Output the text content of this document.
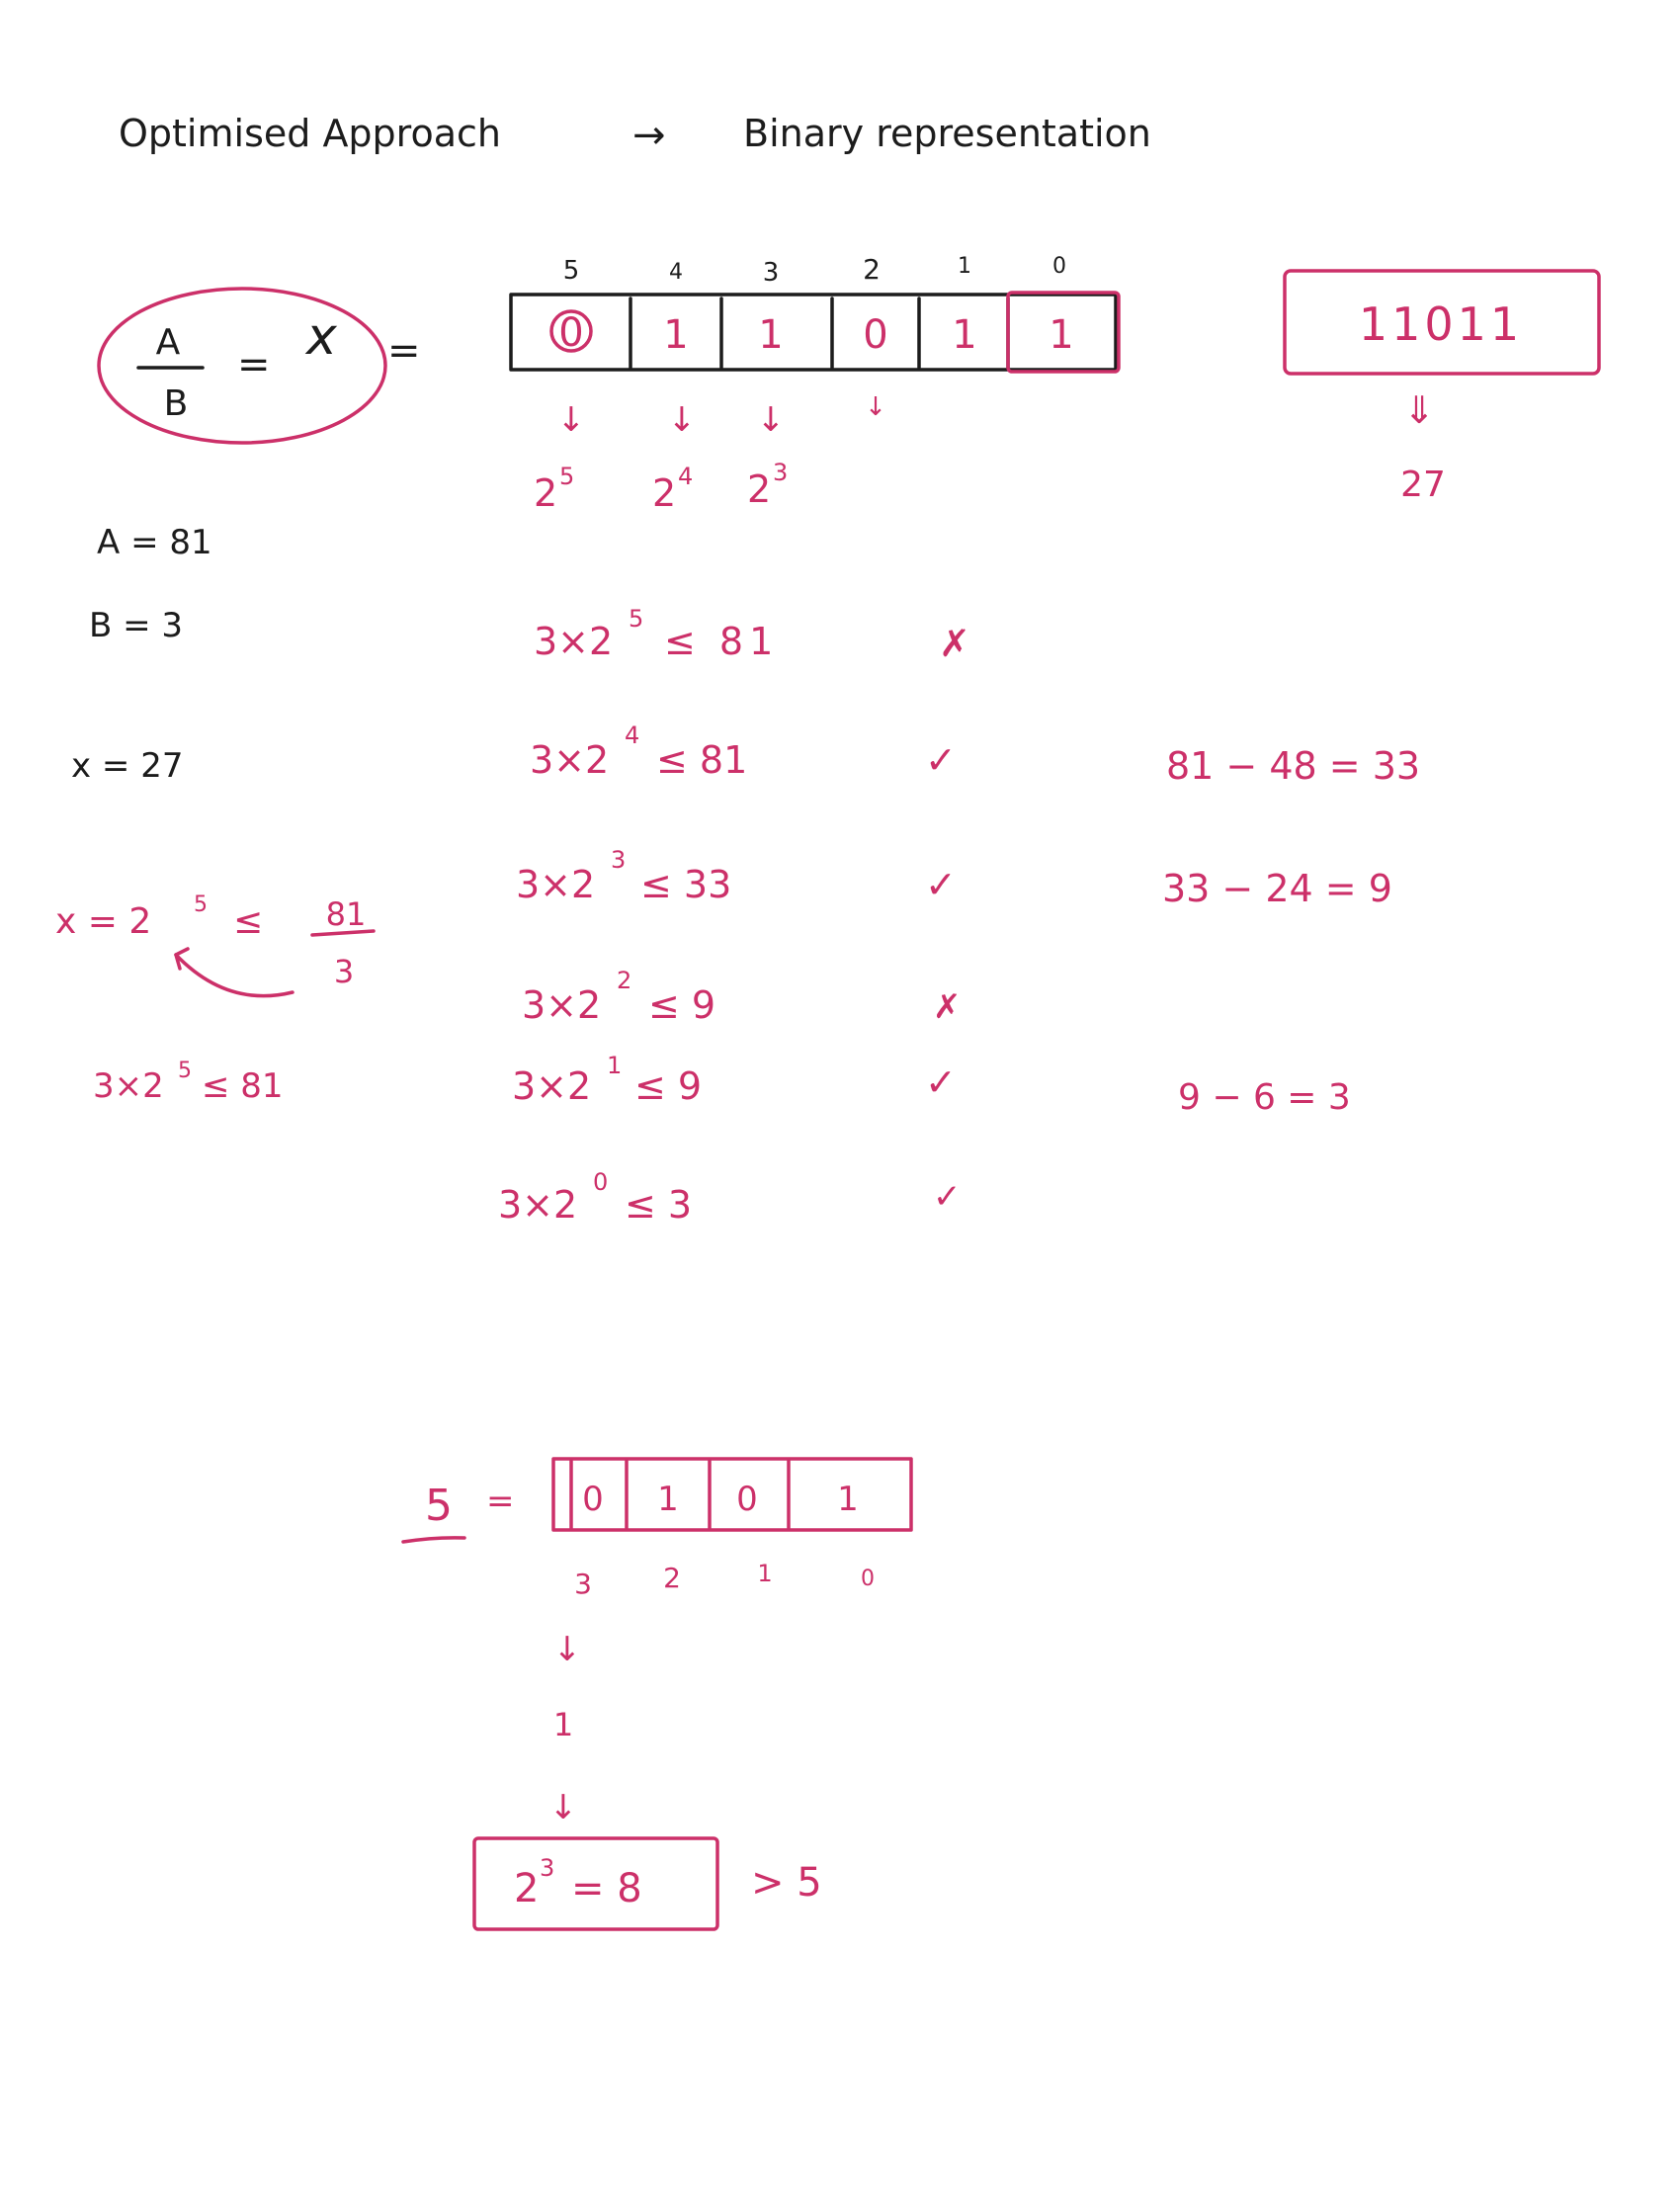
Optimised Approach	→ Binary representation
A
B
= x =
5	4	3	2	1	0
0 1 1 0 1 1
↓ ↓ ↓	↓
2 5 2 4 2 3
11011
⇓
27
A = 81
B = 3
x = 27
x = 2 5 ≤ 81
3
3×2 5 ≤ 81
3×2
5
≤ 81	✗
3×2
4
≤ 81	✓
3×2
3
≤ 33	✓
3×2
2
≤ 9	✗
3×2 1 ≤ 9	✓
3×2
0
≤ 3	✓
81 − 48 = 33
33 − 24 = 9
9 − 6 = 3
5 = 0 1 0 1
3	2	1	0
↓
1
↓
2 3 = 8	> 5
